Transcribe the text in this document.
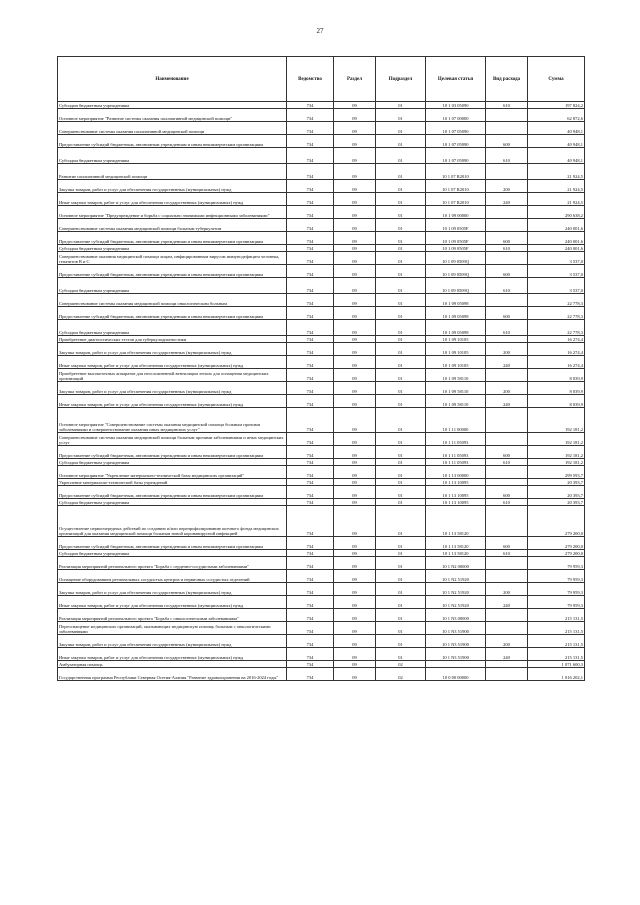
27
Наименование	Ведомство	Раздел	Подраздел	Целевая статья	Вид расхода	Сумма
Субсидии бюджетным учреждениям	734	09	01	10 1 03 05090	610	197 824,2
Основное мероприятие "Развитие системы оказания паллиативной медицинской помощи"	734	09	01	10 1 07 00000		62 872,6
Совершенствование системы оказания паллиативной медицинской помощи	734	09	01	10 1 07 05090		40 948,1
Предоставление субсидий бюджетным, автономным учреждениям и иным некоммерческим организациям	734	09	01	10 1 07 05090	600	40 948,1
Субсидии бюджетным учреждениям	734	09	01	10 1 07 05090	610	40 948,1
Развитие паллиативной медицинской помощи	734	09	01	10 1 07 R2010		21 924,5
Закупка товаров, работ и услуг для обеспечения государственных (муниципальных) нужд	734	09	01	10 1 07 R2010	200	21 924,5
Иные закупки товаров, работ и услуг для обеспечения государственных (муниципальных) нужд	734	09	01	10 1 07 R2010	240	21 924,5
Основное мероприятие "Предупреждение и борьба с социально значимыми инфекционными заболеваниями"	734	09	01	10 1 09 00000		290 638,2
Совершенствование системы оказания медицинской помощи больным туберкулезом	734	09	01	10 1 09 0505F		240 001,6
Предоставление субсидий бюджетным, автономным учреждениям и иным некоммерческим организациям	734	09	01	10 1 09 0505F	600	240 001,6
Субсидии бюджетным учреждениям	734	09	01	10 1 09 0505F	610	240 001,6
Совершенствование оказания медицинской помощи лицам, инфицированным вирусом иммунодефицита человека, гепатитов В и С	734	09	01	10 1 09 0509Q		3 537,0
Предоставление субсидий бюджетным, автономным учреждениям и иным некоммерческим организациям	734	09	01	10 1 09 0509Q	600	3 537,0
Субсидии бюджетным учреждениям	734	09	01	10 1 09 0509Q	610	3 537,0
Совершенствование системы оказания медицинской помощи онкологическим больным	734	09	01	10 1 09 05098		22 778,3
Предоставление субсидий бюджетным, автономным учреждениям и иным некоммерческим организациям	734	09	01	10 1 09 05098	600	22 778,3
Субсидии бюджетным учреждениям	734	09	01	10 1 09 05098	610	22 778,3
Приобретение диагностических тестов для туберкулодиагностики	734	09	01	10 1 09 10105		16 274,4
Закупка товаров, работ и услуг для обеспечения государственных (муниципальных) нужд	734	09	01	10 1 09 10105	200	16 274,4
Иные закупки товаров, работ и услуг для обеспечения государственных (муниципальных) нужд	734	09	01	10 1 09 10105	240	16 274,4
Приобретение высокоточных аппаратов для неосложненной вентиляции легких для оснащения медицинских организаций	734	09	01	10 1 09 58110		8 039,9
Закупка товаров, работ и услуг для обеспечения государственных (муниципальных) нужд	734	09	01	10 1 09 58110	200	8 039,9
Иные закупки товаров, работ и услуг для обеспечения государственных (муниципальных) нужд	734	09	01	10 1 09 58110	240	8 039,9
Основное мероприятие "Совершенствование системы оказания медицинской помощи больным прочими заболеваниями и совершенствование оказания иных медицинских услуг"	734	09	01	10 1 11 00000		192 181,2
Совершенствование системы оказания медицинской помощи больным прочими заболеваниями и иных медицинских услуг	734	09	01	10 1 11 05093		192 181,2
Предоставление субсидий бюджетным, автономным учреждениям и иным некоммерческим организациям	734	09	01	10 1 11 05093	600	192 181,2
Субсидии бюджетным учреждениям	734	09	01	10 1 11 05093	610	192 181,2
Основное мероприятие "Укрепление материально-технической базы медицинских организаций"	734	09	01	10 1 13 00000		299 593,7
Укрепление материально-технической базы учреждений	734	09	01	10 1 13 10095		20 393,7
Предоставление субсидий бюджетным, автономным учреждениям и иным некоммерческим организациям	734	09	01	10 1 13 10095	600	20 393,7
Субсидии бюджетным учреждениям	734	09	01	10 1 13 10095	610	20 393,7
Осуществление первоочередных действий по созданию и/или перепрофилированию коечного фонда медицинских организаций для оказания медицинской помощи больным новой коронавирусной инфекцией	734	09	01	10 1 13 58120		279 200,0
Предоставление субсидий бюджетным, автономным учреждениям и иным некоммерческим организациям	734	09	01	10 1 13 58120	600	279 200,0
Субсидии бюджетным учреждениям	734	09	01	10 1 13 58120	610	279 200,0
Реализация мероприятий регионального проекта "Борьба с сердечно-сосудистыми заболеваниями"	734	09	01	10 1 N2 00000		79 959,3
Оснащение оборудованием региональных сосудистых центров и первичных сосудистых отделений	734	09	01	10 1 N2 51920		79 959,3
Закупка товаров, работ и услуг для обеспечения государственных (муниципальных) нужд	734	09	01	10 1 N2 51920	200	79 959,3
Иные закупки товаров, работ и услуг для обеспечения государственных (муниципальных) нужд	734	09	01	10 1 N2 51920	240	79 959,3
Реализация мероприятий регионального проекта "Борьба с онкологическими заболеваниями"	734	09	01	10 1 N3 00000		215 131,5
Переоснащение медицинских организаций, оказывающих медицинскую помощь больным с онкологическими заболеваниями	734	09	01	10 1 N3 51900		215 131,5
Закупка товаров, работ и услуг для обеспечения государственных (муниципальных) нужд	734	09	01	10 1 N3 51900	200	215 131,5
Иные закупки товаров, работ и услуг для обеспечения государственных (муниципальных) нужд	734	09	01	10 1 N3 51900	240	215 131,5
Амбулаторная помощь	734	09	02			1 071 600,3
Государственная программа Республики Северная Осетия-Алания "Развитие здравоохранения на 2016-2024 годы"	734	09	02	10 0 00 00000		1 016 202,1
